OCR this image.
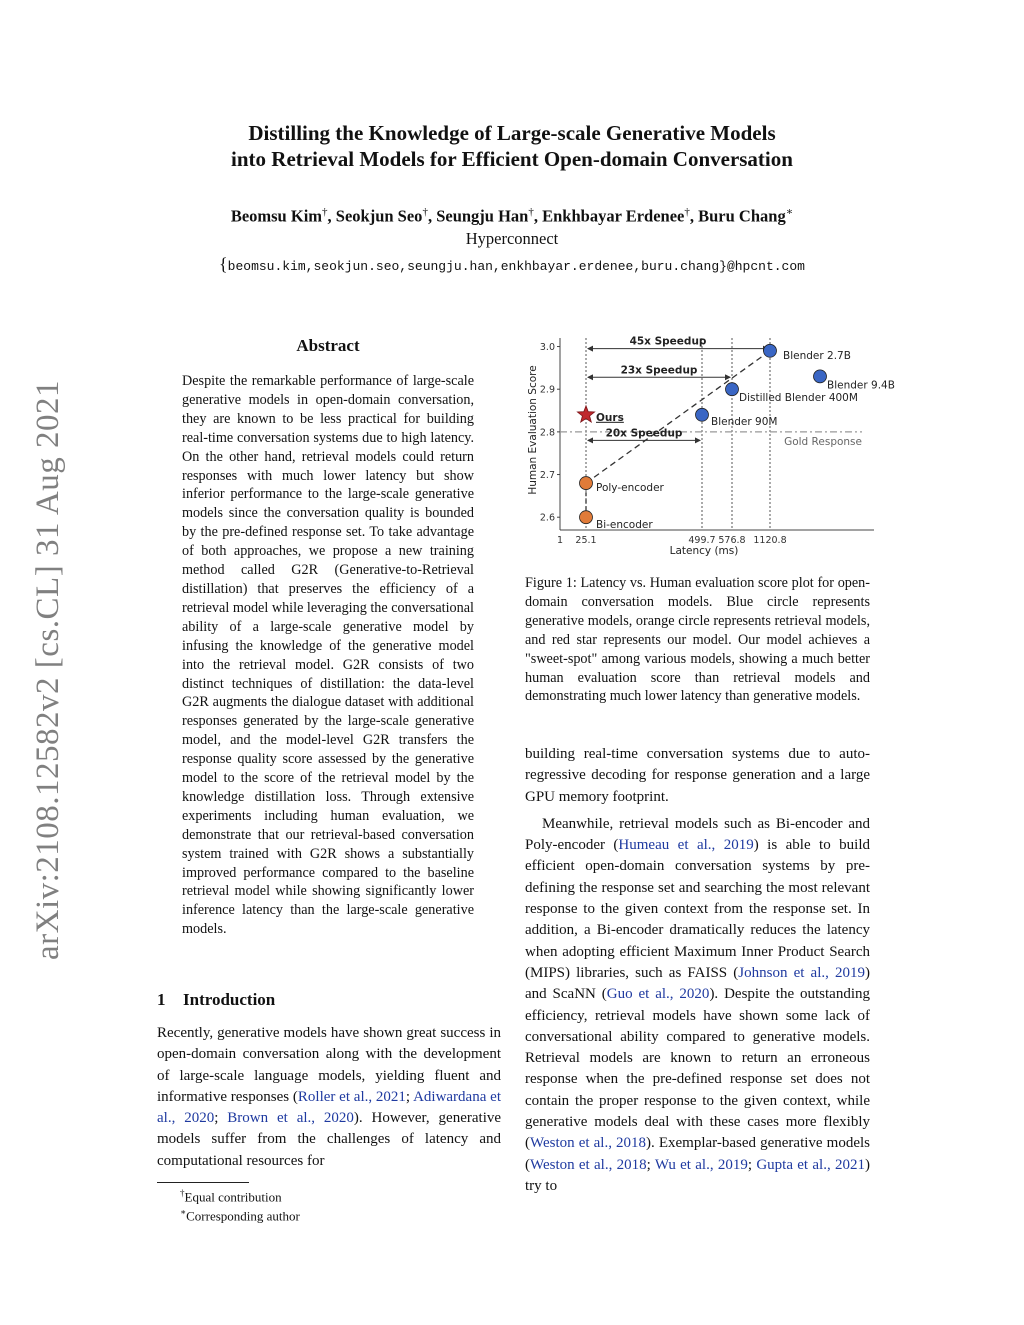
Distilling the Knowledge of Large-scale Generative Models
into Retrieval Models for Efficient Open-domain Conversation
Beomsu Kim†, Seokjun Seo†, Seungju Han†, Enkhbayar Erdenee†, Buru Chang∗
Hyperconnect
{beomsu.kim,seokjun.seo,seungju.han,enkhbayar.erdenee,buru.chang}@hpcnt.com
arXiv:2108.12582v2 [cs.CL] 31 Aug 2021
Abstract
Despite the remarkable performance of large-scale generative models in open-domain conversation, they are known to be less practical for building real-time conversation systems due to high latency. On the other hand, retrieval models could return responses with much lower latency but show inferior performance to the large-scale generative models since the conversation quality is bounded by the pre-defined response set. To take advantage of both approaches, we propose a new training method called G2R (Generative-to-Retrieval distillation) that preserves the efficiency of a retrieval model while leveraging the conversational ability of a large-scale generative model by infusing the knowledge of the generative model into the retrieval model. G2R consists of two distinct techniques of distillation: the data-level G2R augments the dialogue dataset with additional responses generated by the large-scale generative model, and the model-level G2R transfers the response quality score assessed by the generative model to the score of the retrieval model by the knowledge distillation loss. Through extensive experiments including human evaluation, we demonstrate that our retrieval-based conversation system trained with G2R shows a substantially improved performance compared to the baseline retrieval model while showing significantly lower inference latency than the large-scale generative models.
1 Introduction
Recently, generative models have shown great success in open-domain conversation along with the development of large-scale language models, yielding fluent and informative responses (Roller et al., 2021; Adiwardana et al., 2020; Brown et al., 2020). However, generative models suffer from the challenges of latency and computational resources for
†Equal contribution
∗Corresponding author
Gold Response
45x Speedup
23x Speedup
20x Speedup
2.6
2.7
2.8
2.9
3.0
1 25.1	499.7 576.8 1120.8
Bi-encoder
Poly-encoder
Ours	Blender 90M
Distilled Blender 400M
Blender 2.7B
Blender 9.4B
Human Evaluation Score
Latency (ms)
Figure 1: Latency vs. Human evaluation score plot for open-domain conversation models. Blue circle represents generative models, orange circle represents retrieval models, and red star represents our model. Our model achieves a "sweet-spot" among various models, showing a much better human evaluation score than retrieval models and demonstrating much lower latency than generative models.

building real-time conversation systems due to auto-regressive decoding for response generation and a large GPU memory footprint.

Meanwhile, retrieval models such as Bi-encoder and Poly-encoder (Humeau et al., 2019) is able to build efficient open-domain conversation systems by pre-defining the response set and searching the most relevant response to the given context from the response set. In addition, a Bi-encoder dramatically reduces the latency when adopting efficient Maximum Inner Product Search (MIPS) libraries, such as FAISS (Johnson et al., 2019) and ScaNN (Guo et al., 2020). Despite the outstanding efficiency, retrieval models have shown some lack of conversational ability compared to generative models. Retrieval models are known to return an erroneous response when the pre-defined response set does not contain the proper response to the given context, while generative models deal with these cases more flexibly (Weston et al., 2018). Exemplar-based generative models (Weston et al., 2018; Wu et al., 2019; Gupta et al., 2021) try to
